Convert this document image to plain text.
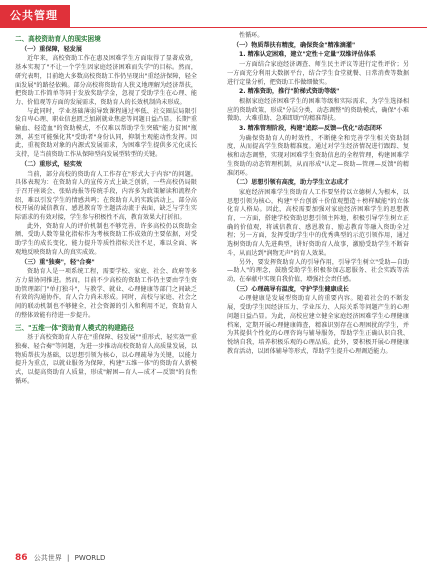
公共管理
二、高校资助育人的现实困境
（一）重保障，轻发展

近年来，高校资助工作在惠及困难学生方面取得了显著成效，基本实现了"不让一个学生因家庭经济困难而失学"的目标。然而，研究表明，目前绝大多数高校资助工作仍呈现出"重经济保障，轻全面发展"的路径依赖。部分高校将资助育人狭义地理解为经济帮扶，把资助工作简单等同于发放奖助学金，忽视了受助学生在心理、能力、价值观等方面的发展需求，资助育人的长效机制尚未形成。

与此同时，学业基础薄弱导致课程通过率低、社交圈层局限引发自卑心理、职业信息匮乏加剧就业焦虑等问题日益凸显。长期"重输血、轻造血"的资助模式，不仅难以帮助学生突破"能力贫困"瓶颈，甚至可能强化其"受助者"身份认同，抑制主观能动性发挥。因此，重视资助对象的内源式发展需求，为困难学生提供多元化成长支持，是当前资助工作从保障型向发展型转型的关键。

（二）重形式，轻实效

当前，部分高校的资助育人工作存在"形式大于内容"的问题。具体表现为：在资助育人的宣传方式上缺乏创新，一些高校仍局限于召开座谈会、张贴海报等传统手段，内容多为政策解读和流程介绍，难以引发学生的情感共鸣；在资助育人的实践活动上，部分高校开展的诚信教育、感恩教育等主题活动流于表面，缺乏与学生实际需求的有效对接，学生参与积极性不高，教育效果大打折扣。

此外，资助育人的评价机制也不够完善，许多高校仍以资助金额、受助人数等量化指标作为考核资助工作成效的主要依据，对受助学生的成长变化、能力提升等质性指标关注不足，难以全面、客观地反映资助育人的真实成效。

（三）重"独奏"，轻"合奏"

资助育人是一项系统工程，需要学校、家庭、社会、政府等多方力量协同推进。然而，目前不少高校的资助工作仍主要由学生资助管理部门"单打独斗"，与教学、就业、心理健康等部门之间缺乏有效的沟通协作，育人合力尚未形成。同时，高校与家庭、社会之间的联动机制也不够健全，社会资源的引入和利用不足，资助育人的整体效能有待进一步提升。

三、"五维一体"资助育人模式的构建路径

基于高校资助育人存在"重保障、轻发展""重形式、轻实效""重独奏、轻合奏"等问题，为进一步推动高校资助育人高质量发展，以物质帮扶为基础，以思想引领为核心，以心理疏导为关键，以能力提升为重点，以就业服务为保障，构建"五维一体"的资助育人新模式，以提高资助育人质量，形成"解困—育人—成才—反馈"的良性循环。

性循环。

（一）物质帮扶有精度，确保资金"精准滴灌"
1. 精准认定困难，建立"定性＋定量"双维评估体系

一方面结合家庭经济调查、师生民主评议等进行定性评价；另一方面充分利用大数据平台，结合学生食堂就餐、日常消费等数据进行定量分析，把资助工作做细做实。

2. 精准资助，推行"阶梯式资助等级"

根据家庭经济困难学生的困难等级和实际需求，为学生选择相应的资助政策，形成"分层分类、动态调整"的资助模式，确保"小难微助、大难重助、急难即助"的精准帮扶。

3. 精准管理阶段，构建"追踪—反馈—优化"动态闭环

为确保资助育人的时效性，不断健全和完善学生相关资助制度，从而提高学生资助精准度。通过对学生经济情况进行跟踪、复核和动态调整，实现对困难学生资助信息的全程管理，构建困难学生资助的动态管理机制，从而形成"认定—资助—管理—反馈"的精准闭环。

（二）思想引领有高度，助力学生立志成才

家庭经济困难学生资助育人工作要坚持以立德树人为根本，以思想引领为核心，构建"平台创新＋价值观塑造＋榜样赋能"的立体化育人格局。因此，高校需要加强对家庭经济困难学生的思想教育，一方面，搭建学校资助思想引领主阵地，积极引导学生树立正确的价值观，将诚信教育、感恩教育、励志教育等融入资助全过程；另一方面，发挥受助学生中的优秀典型的示范引领作用，通过选树资助育人先进典型，讲好资助育人故事，激励受助学生不断奋斗，从而达到"润物无声"的育人效果。

另外，要发挥资助育人的引导作用，引导学生树立"受助—自助—助人"的理念，鼓励受助学生积极参加志愿服务、社会实践等活动，在奉献中实现自我价值，增强社会责任感。

（三）心理疏导有温度，守护学生健康成长

心理健康是发展型资助育人的重要内容。随着社会的不断发展，受助学生因经济压力、学业压力、人际关系等问题产生的心理问题日益凸显。为此，高校应建立健全家庭经济困难学生心理健康档案，定期开展心理健康筛查，精准识别存在心理困扰的学生，并为其提供个性化的心理咨询与辅导服务，帮助学生正确认识自我、悦纳自我，培养积极乐观的心理品质。此外，要积极开展心理健康教育活动，以团体辅导等形式，帮助学生提升心理调适能力。

86 公共世界 | PWORLD
